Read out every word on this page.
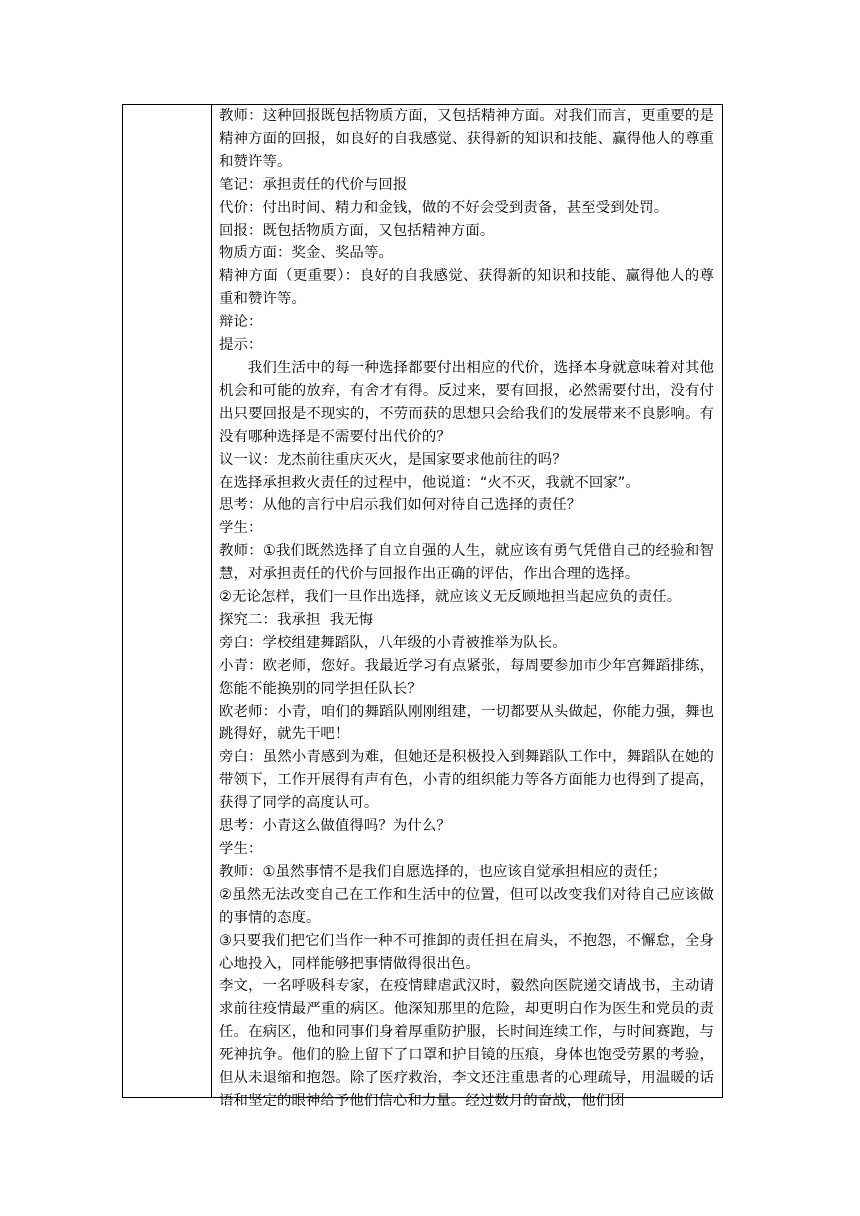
教师：这种回报既包括物质方面，又包括精神方面。对我们而言，更重要的是精神方面的回报，如良好的自我感觉、获得新的知识和技能、赢得他人的尊重和赞许等。
笔记：承担责任的代价与回报
代价：付出时间、精力和金钱，做的不好会受到责备，甚至受到处罚。
回报：既包括物质方面，又包括精神方面。
物质方面：奖金、奖品等。
精神方面（更重要）：良好的自我感觉、获得新的知识和技能、赢得他人的尊重和赞许等。
辩论：
提示：
我们生活中的每一种选择都要付出相应的代价，选择本身就意味着对其他机会和可能的放弃，有舍才有得。反过来，要有回报，必然需要付出，没有付出只要回报是不现实的，不劳而获的思想只会给我们的发展带来不良影响。有没有哪种选择是不需要付出代价的？
议一议：龙杰前往重庆灭火，是国家要求他前往的吗？
在选择承担救火责任的过程中，他说道：“火不灭，我就不回家”。
思考：从他的言行中启示我们如何对待自己选择的责任？
学生：
教师：①我们既然选择了自立自强的人生，就应该有勇气凭借自己的经验和智慧，对承担责任的代价与回报作出正确的评估，作出合理的选择。
②无论怎样，我们一旦作出选择，就应该义无反顾地担当起应负的责任。
探究二：我承担  我无悔
旁白：学校组建舞蹈队，八年级的小青被推举为队长。
小青：欧老师，您好。我最近学习有点紧张，每周要参加市少年宫舞蹈排练，您能不能换别的同学担任队长？
欧老师：小青，咱们的舞蹈队刚刚组建，一切都要从头做起，你能力强，舞也跳得好，就先干吧！
旁白：虽然小青感到为难，但她还是积极投入到舞蹈队工作中，舞蹈队在她的带领下，工作开展得有声有色，小青的组织能力等各方面能力也得到了提高，获得了同学的高度认可。
思考：小青这么做值得吗？为什么？
学生：
教师：①虽然事情不是我们自愿选择的，也应该自觉承担相应的责任；
②虽然无法改变自己在工作和生活中的位置，但可以改变我们对待自己应该做的事情的态度。
③只要我们把它们当作一种不可推卸的责任担在肩头，不抱怨，不懈怠，全身心地投入，同样能够把事情做得很出色。
李文，一名呼吸科专家，在疫情肆虐武汉时，毅然向医院递交请战书，主动请求前往疫情最严重的病区。他深知那里的危险，却更明白作为医生和党员的责任。在病区，他和同事们身着厚重防护服，长时间连续工作，与时间赛跑，与死神抗争。他们的脸上留下了口罩和护目镜的压痕，身体也饱受劳累的考验，但从未退缩和抱怨。除了医疗救治，李文还注重患者的心理疏导，用温暖的话语和坚定的眼神给予他们信心和力量。经过数月的奋战，他们团
